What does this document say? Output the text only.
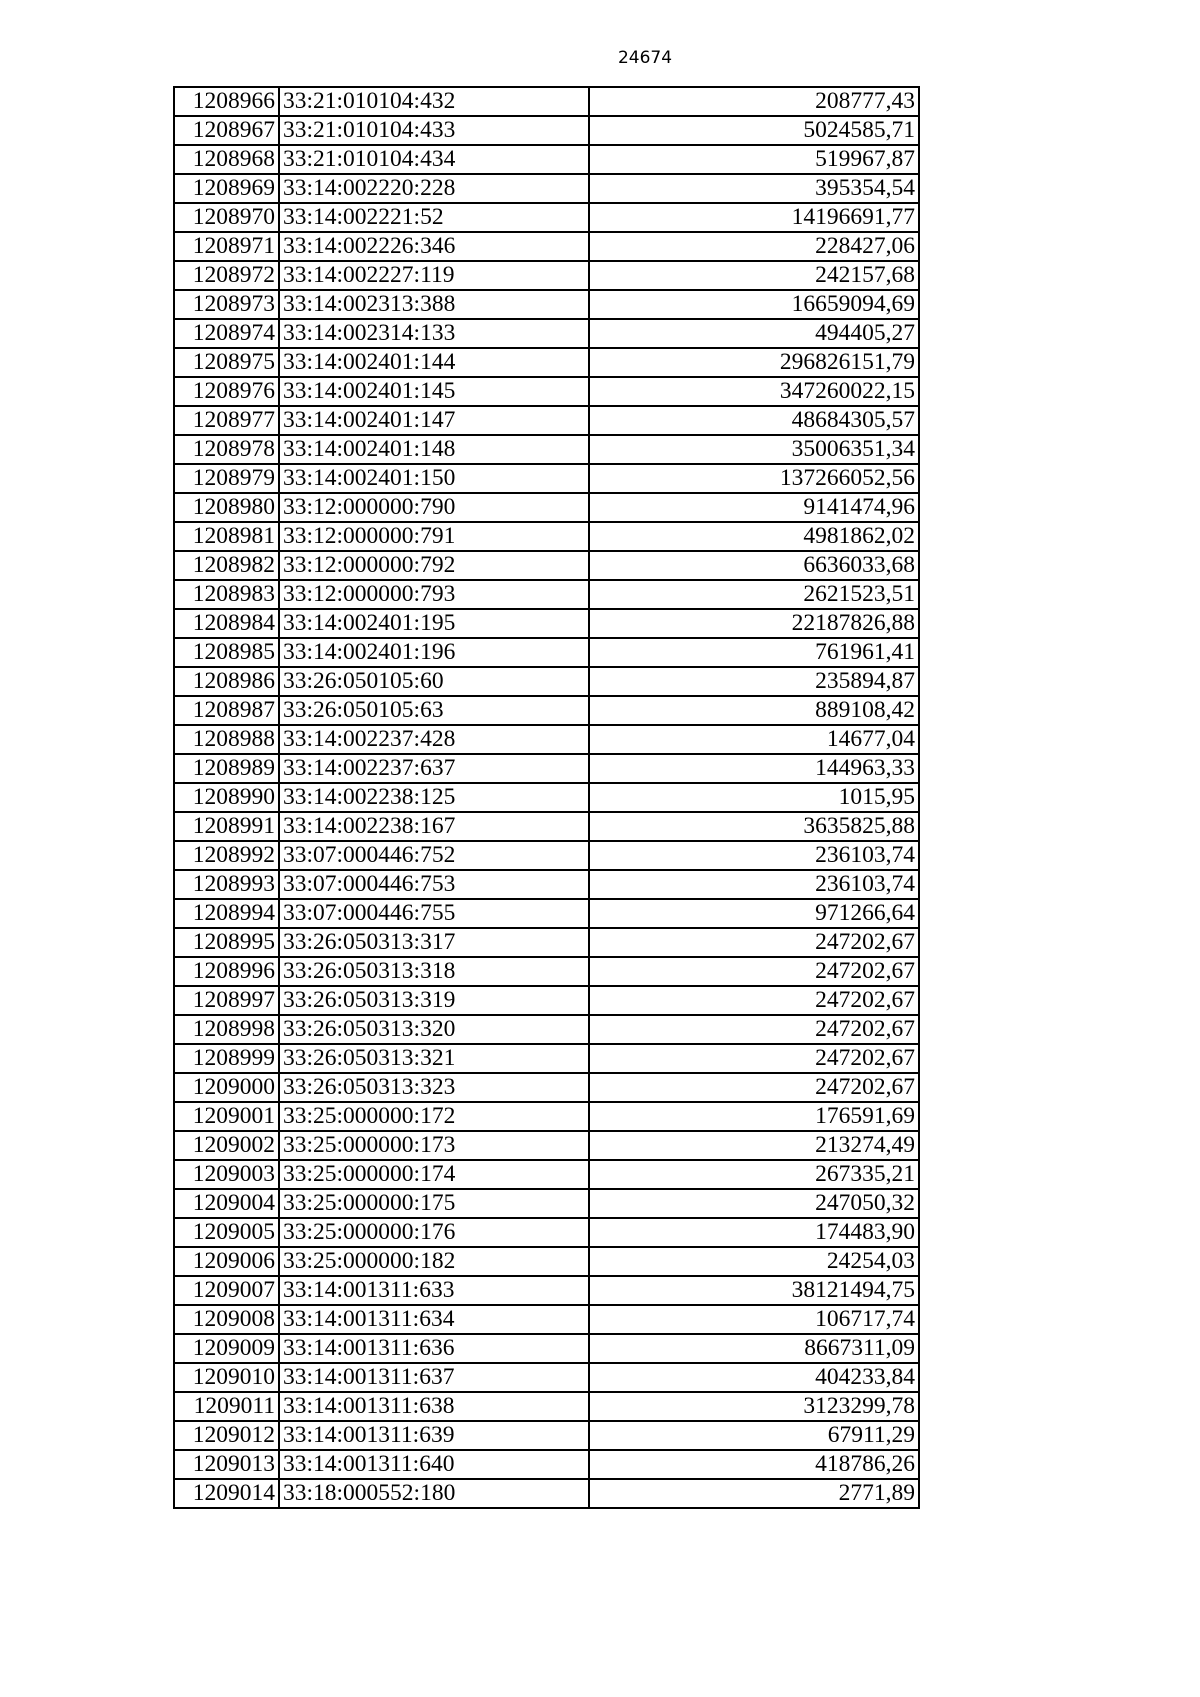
24674
1208966	33:21:010104:432	208777,43
1208967	33:21:010104:433	5024585,71
1208968	33:21:010104:434	519967,87
1208969	33:14:002220:228	395354,54
1208970	33:14:002221:52	14196691,77
1208971	33:14:002226:346	228427,06
1208972	33:14:002227:119	242157,68
1208973	33:14:002313:388	16659094,69
1208974	33:14:002314:133	494405,27
1208975	33:14:002401:144	296826151,79
1208976	33:14:002401:145	347260022,15
1208977	33:14:002401:147	48684305,57
1208978	33:14:002401:148	35006351,34
1208979	33:14:002401:150	137266052,56
1208980	33:12:000000:790	9141474,96
1208981	33:12:000000:791	4981862,02
1208982	33:12:000000:792	6636033,68
1208983	33:12:000000:793	2621523,51
1208984	33:14:002401:195	22187826,88
1208985	33:14:002401:196	761961,41
1208986	33:26:050105:60	235894,87
1208987	33:26:050105:63	889108,42
1208988	33:14:002237:428	14677,04
1208989	33:14:002237:637	144963,33
1208990	33:14:002238:125	1015,95
1208991	33:14:002238:167	3635825,88
1208992	33:07:000446:752	236103,74
1208993	33:07:000446:753	236103,74
1208994	33:07:000446:755	971266,64
1208995	33:26:050313:317	247202,67
1208996	33:26:050313:318	247202,67
1208997	33:26:050313:319	247202,67
1208998	33:26:050313:320	247202,67
1208999	33:26:050313:321	247202,67
1209000	33:26:050313:323	247202,67
1209001	33:25:000000:172	176591,69
1209002	33:25:000000:173	213274,49
1209003	33:25:000000:174	267335,21
1209004	33:25:000000:175	247050,32
1209005	33:25:000000:176	174483,90
1209006	33:25:000000:182	24254,03
1209007	33:14:001311:633	38121494,75
1209008	33:14:001311:634	106717,74
1209009	33:14:001311:636	8667311,09
1209010	33:14:001311:637	404233,84
1209011	33:14:001311:638	3123299,78
1209012	33:14:001311:639	67911,29
1209013	33:14:001311:640	418786,26
1209014	33:18:000552:180	2771,89
